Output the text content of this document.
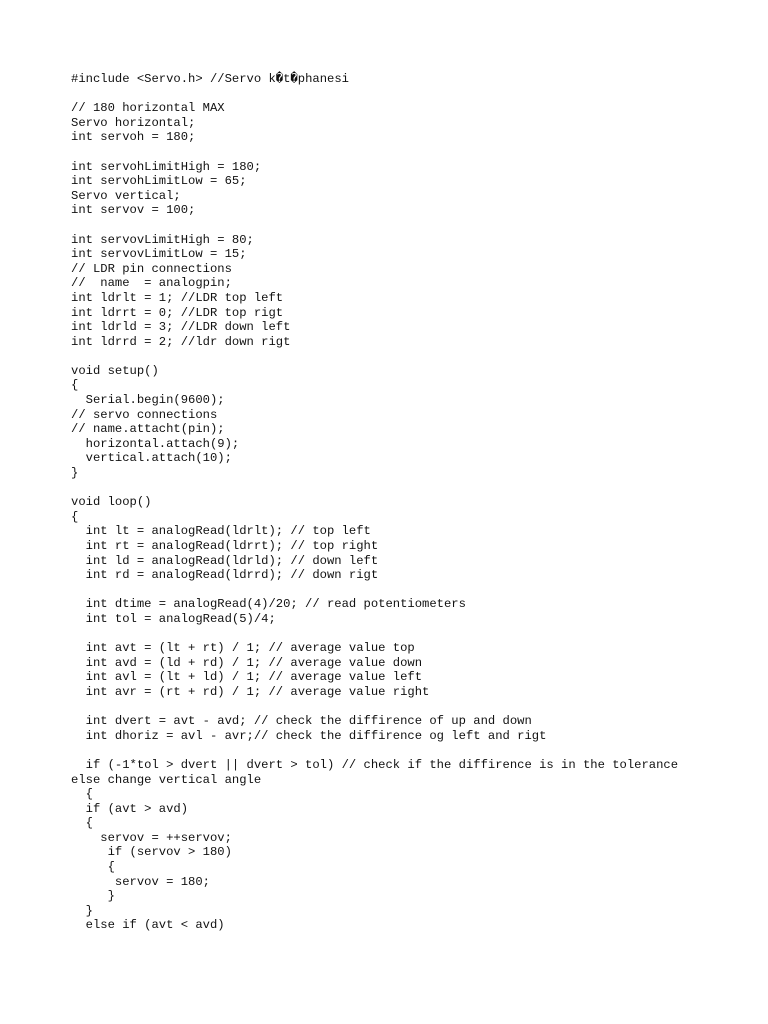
#include <Servo.h> //Servo k�t�phanesi
// 180 horizontal MAX
Servo horizontal;
int servoh = 180;
int servohLimitHigh = 180;
int servohLimitLow = 65;
Servo vertical;
int servov = 100;
int servovLimitHigh = 80;
int servovLimitLow = 15;
// LDR pin connections
//  name  = analogpin;
int ldrlt = 1; //LDR top left
int ldrrt = 0; //LDR top rigt
int ldrld = 3; //LDR down left
int ldrrd = 2; //ldr down rigt
void setup()
{
Serial.begin(9600);
// servo connections
// name.attacht(pin);
horizontal.attach(9);
vertical.attach(10);
}
void loop()
{
int lt = analogRead(ldrlt); // top left
int rt = analogRead(ldrrt); // top right
int ld = analogRead(ldrld); // down left
int rd = analogRead(ldrrd); // down rigt
int dtime = analogRead(4)/20; // read potentiometers
int tol = analogRead(5)/4;
int avt = (lt + rt) / 1; // average value top
int avd = (ld + rd) / 1; // average value down
int avl = (lt + ld) / 1; // average value left
int avr = (rt + rd) / 1; // average value right
int dvert = avt - avd; // check the diffirence of up and down
int dhoriz = avl - avr;// check the diffirence og left and rigt
if (-1*tol > dvert || dvert > tol) // check if the diffirence is in the tolerance
else change vertical angle
{
if (avt > avd)
{
servov = ++servov;
if (servov > 180)
{
servov = 180;
}
}
else if (avt < avd)
